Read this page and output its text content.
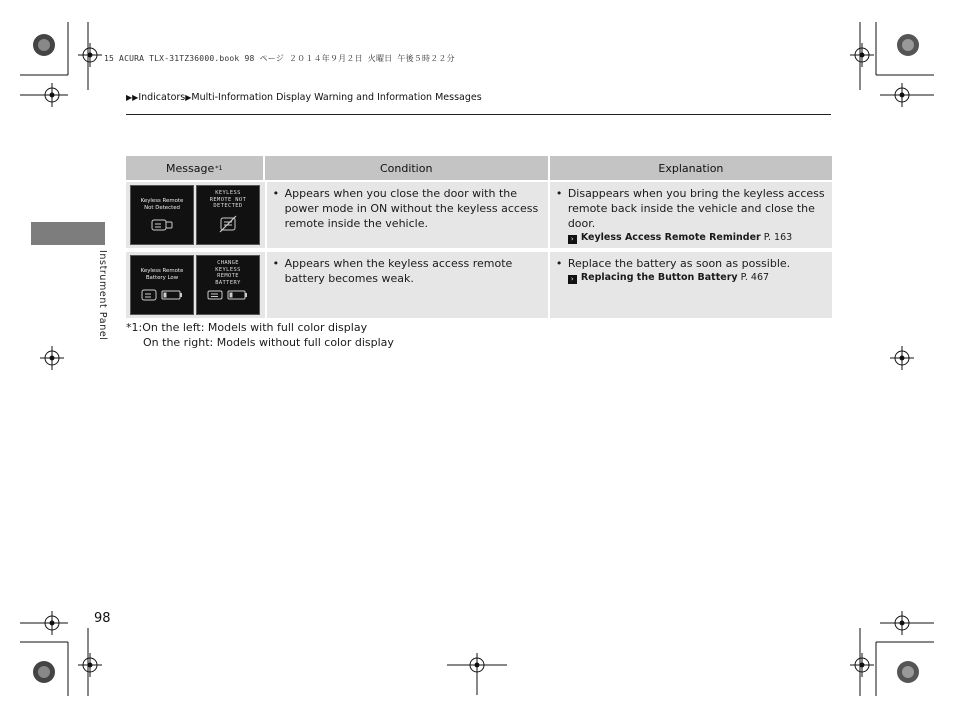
15 ACURA TLX-31TZ36000.book 98 ページ ２０１４年９月２日 火曜日 午後５時２２分
▶▶Indicators▶Multi-Information Display Warning and Information Messages
Instrument Panel
Message *1	Condition	Explanation
Keyless Remote
Not Detected
KEYLESS
REMOTE NOT
DETECTED
• Appears when you close the door with the power mode in ON without the keyless access remote inside the vehicle.
• Disappears when you bring the keyless access remote back inside the vehicle and close the door.
› Keyless Access Remote Reminder P. 163
Keyless Remote
Battery Low
CHANGE
KEYLESS
REMOTE
BATTERY
• Appears when the keyless access remote battery becomes weak.
• Replace the battery as soon as possible.
› Replacing the Button Battery P. 467
*1:On the left: Models with full color display
On the right: Models without full color display
98
